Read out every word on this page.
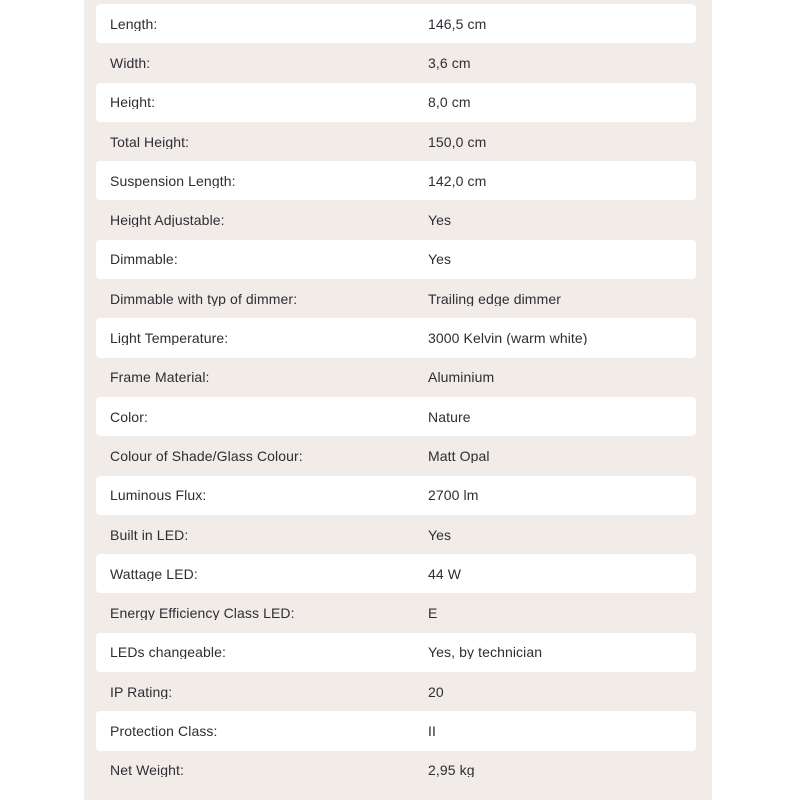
Length:	146,5 cm
Width:	3,6 cm
Height:	8,0 cm
Total Height:	150,0 cm
Suspension Length:	142,0 cm
Height Adjustable:	Yes
Dimmable:	Yes
Dimmable with typ of dimmer:	Trailing edge dimmer
Light Temperature:	3000 Kelvin (warm white)
Frame Material:	Aluminium
Color:	Nature
Colour of Shade/Glass Colour:	Matt Opal
Luminous Flux:	2700 lm
Built in LED:	Yes
Wattage LED:	44 W
Energy Efficiency Class LED:	E
LEDs changeable:	Yes, by technician
IP Rating:	20
Protection Class:	II
Net Weight:	2,95 kg
